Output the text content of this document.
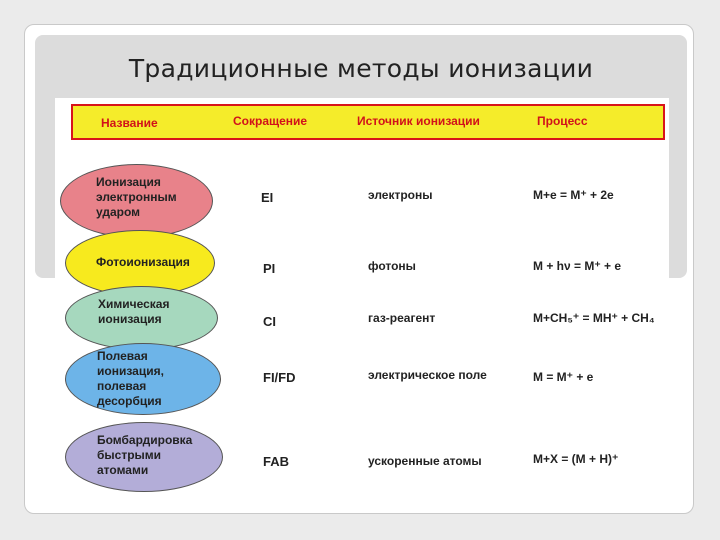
Традиционные методы ионизации
Название	Сокращение	Источник ионизации	Процесс
Ионизация
электронным
ударом
EI	электроны	M+e = M⁺ + 2e
Фотоионизация	PI	фотоны	M + hν = M⁺ + e
Химическая
ионизация	CI	газ-реагент	M+CH₅⁺ = MH⁺ + CH₄
Полевая
ионизация,
полевая
десорбция
FI/FD	электрическое поле	M = M⁺ + e
Бомбардировка
быстрыми
атомами
FAB	ускоренные атомы	M+X = (M + H)⁺
